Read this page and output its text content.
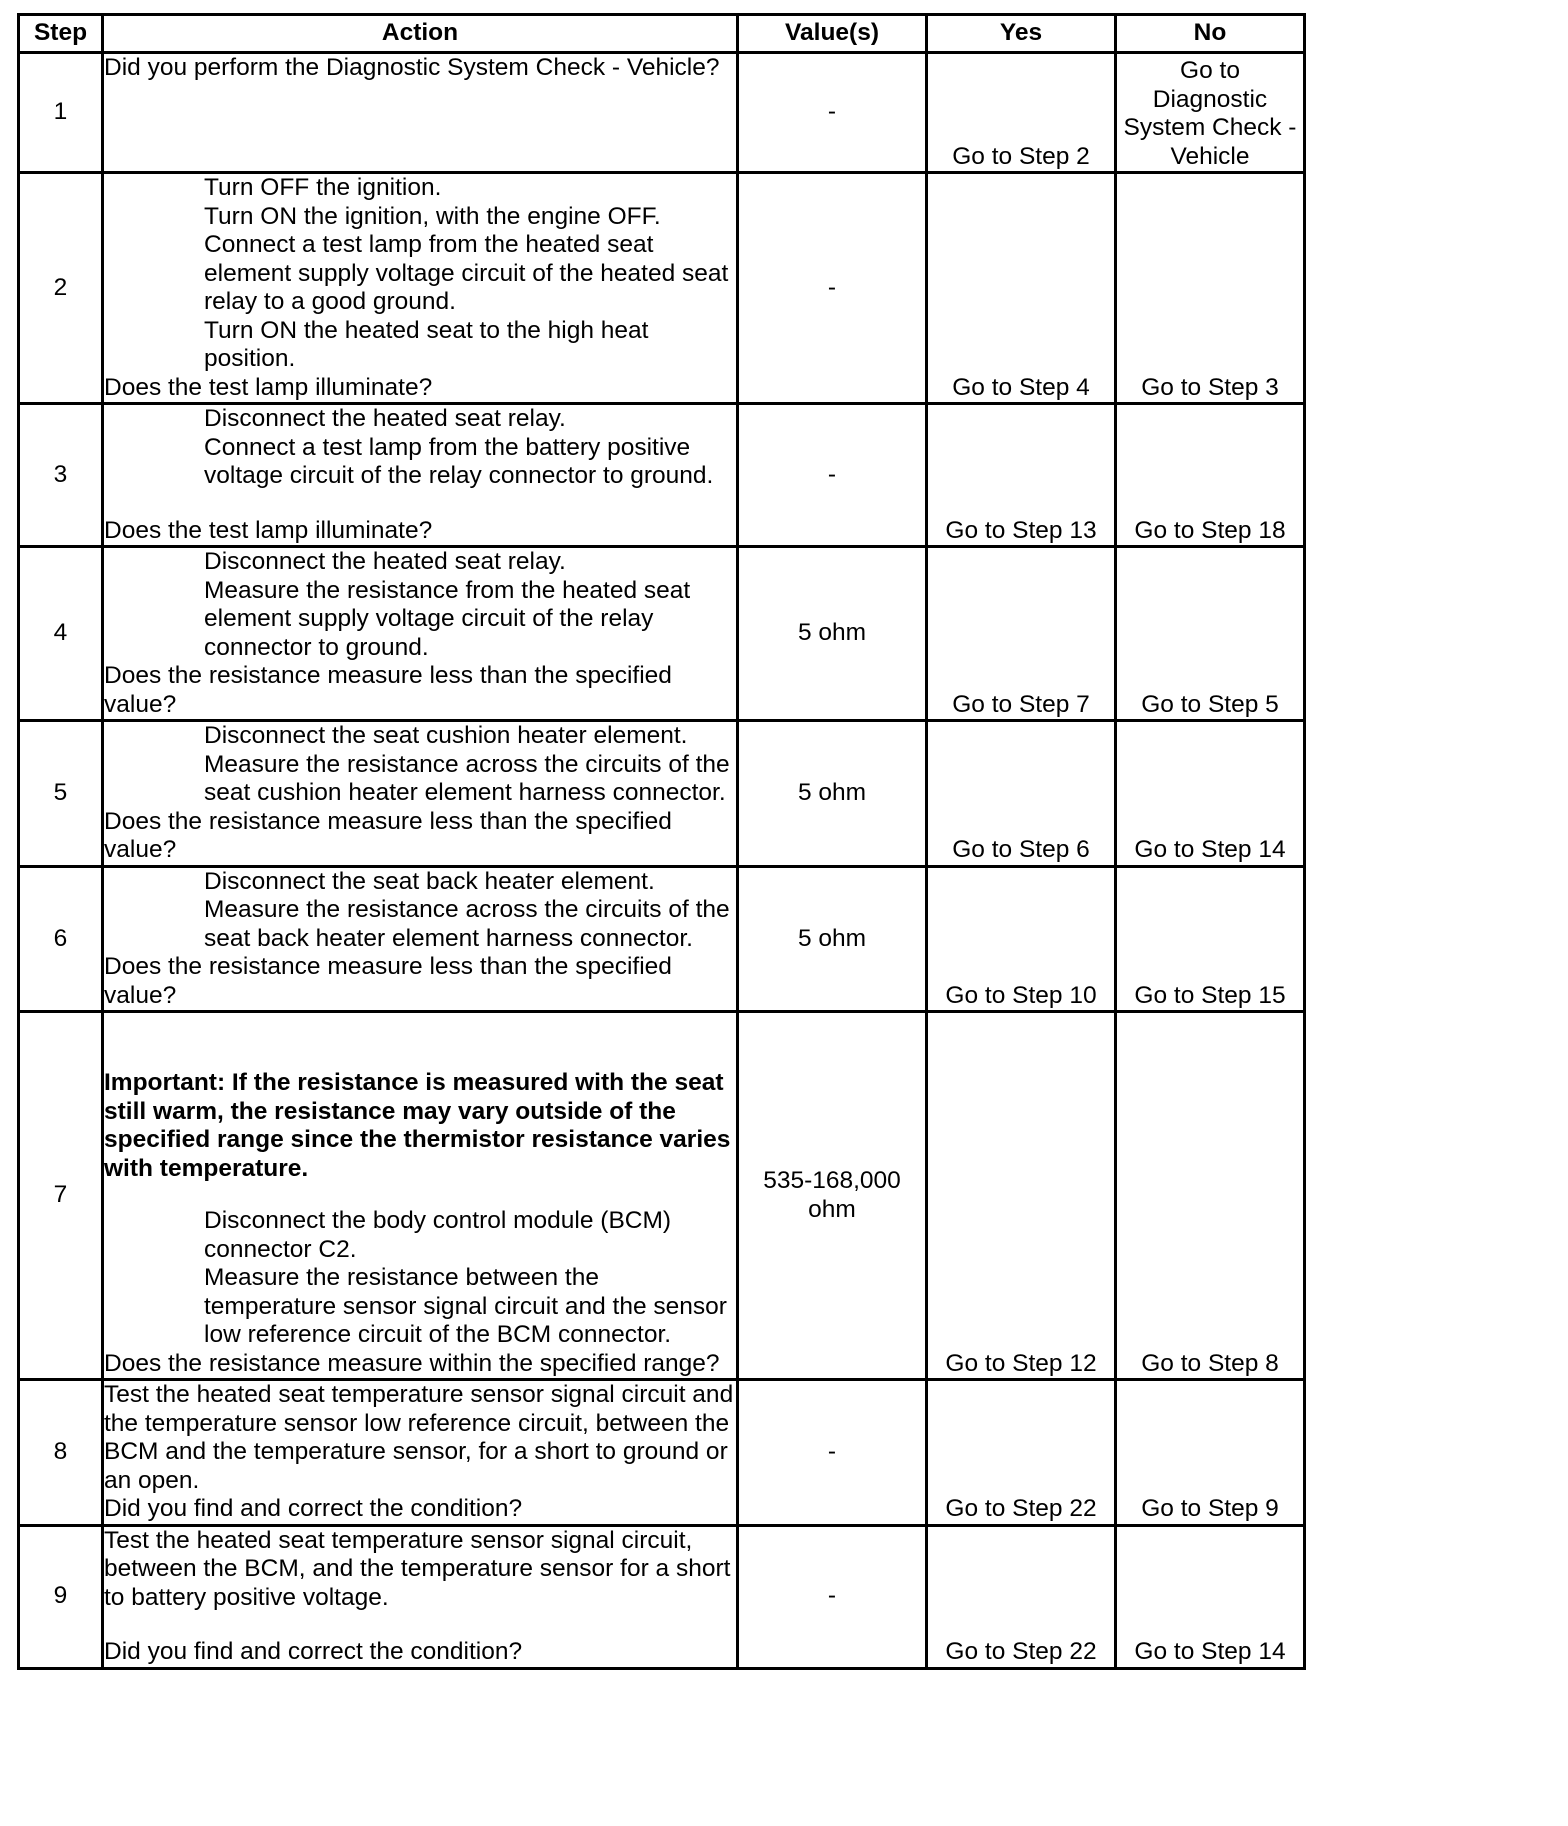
Step	Action	Value(s)	Yes	No
1	Did you perform the Diagnostic System Check - Vehicle?	-	Go to Step 2	Go to Diagnostic System Check - Vehicle
2	Turn OFF the ignition.
Turn ON the ignition, with the engine OFF.
Connect a test lamp from the heated seat element supply voltage circuit of the heated seat relay to a good ground.
Turn ON the heated seat to the high heat position.
Does the test lamp illuminate?	-	Go to Step 4	Go to Step 3
3	Disconnect the heated seat relay.
Connect a test lamp from the battery positive voltage circuit of the relay connector to ground.
Does the test lamp illuminate?	-	Go to Step 13	Go to Step 18
4	Disconnect the heated seat relay.
Measure the resistance from the heated seat element supply voltage circuit of the relay connector to ground.
Does the resistance measure less than the specified value?	5 ohm	Go to Step 7	Go to Step 5
5	Disconnect the seat cushion heater element.
Measure the resistance across the circuits of the seat cushion heater element harness connector.
Does the resistance measure less than the specified value?	5 ohm	Go to Step 6	Go to Step 14
6	Disconnect the seat back heater element.
Measure the resistance across the circuits of the seat back heater element harness connector.
Does the resistance measure less than the specified value?	5 ohm	Go to Step 10	Go to Step 15
7	Important: If the resistance is measured with the seat still warm, the resistance may vary outside of the specified range since the thermistor resistance varies with temperature.
Disconnect the body control module (BCM) connector C2.
Measure the resistance between the temperature sensor signal circuit and the sensor low reference circuit of the BCM connector.
Does the resistance measure within the specified range?	535-168,000 ohm	Go to Step 12	Go to Step 8
8	Test the heated seat temperature sensor signal circuit and the temperature sensor low reference circuit, between the BCM and the temperature sensor, for a short to ground or an open.
Did you find and correct the condition?	-	Go to Step 22	Go to Step 9
9	Test the heated seat temperature sensor signal circuit, between the BCM, and the temperature sensor for a short to battery positive voltage.
Did you find and correct the condition?	-	Go to Step 22	Go to Step 14
